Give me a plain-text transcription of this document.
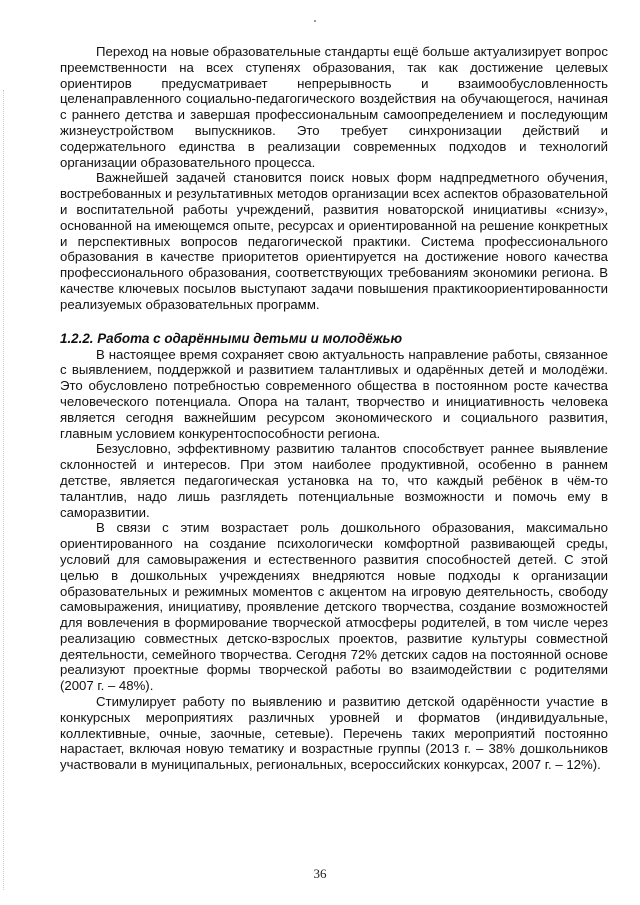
Переход на новые образовательные стандарты ещё больше актуализирует вопрос преемственности на всех ступенях образования, так как достижение целевых ориентиров предусматривает непрерывность и взаимообусловленность целенаправленного социально-педагогического воздействия на обучающегося, начиная с раннего детства и завершая профессиональным самоопределением и последующим жизнеустройством выпускников. Это требует синхронизации действий и содержательного единства в реализации современных подходов и технологий организации образовательного процесса.

Важнейшей задачей становится поиск новых форм надпредметного обучения, востребованных и результативных методов организации всех аспектов образовательной и воспитательной работы учреждений, развития новаторской инициативы «снизу», основанной на имеющемся опыте, ресурсах и ориентированной на решение конкретных и перспективных вопросов педагогической практики. Система профессионального образования в качестве приоритетов ориентируется на достижение нового качества профессионального образования, соответствующих требованиям экономики региона. В качестве ключевых посылов выступают задачи повышения практикоориентированности реализуемых образовательных программ.

1.2.2. Работа с одарёнными детьми и молодёжью

В настоящее время сохраняет свою актуальность направление работы, связанное с выявлением, поддержкой и развитием талантливых и одарённых детей и молодёжи. Это обусловлено потребностью современного общества в постоянном росте качества человеческого потенциала. Опора на талант, творчество и инициативность человека является сегодня важнейшим ресурсом экономического и социального развития, главным условием конкурентоспособности региона.

Безусловно, эффективному развитию талантов способствует раннее выявление склонностей и интересов. При этом наиболее продуктивной, особенно в раннем детстве, является педагогическая установка на то, что каждый ребёнок в чём-то талантлив, надо лишь разглядеть потенциальные возможности и помочь ему в саморазвитии.

В связи с этим возрастает роль дошкольного образования, максимально ориентированного на создание психологически комфортной развивающей среды, условий для самовыражения и естественного развития способностей детей. С этой целью в дошкольных учреждениях внедряются новые подходы к организации образовательных и режимных моментов с акцентом на игровую деятельность, свободу самовыражения, инициативу, проявление детского творчества, создание возможностей для вовлечения в формирование творческой атмосферы родителей, в том числе через реализацию совместных детско-взрослых проектов, развитие культуры совместной деятельности, семейного творчества. Сегодня 72% детских садов на постоянной основе реализуют проектные формы творческой работы во взаимодействии с родителями (2007 г. – 48%).

Стимулирует работу по выявлению и развитию детской одарённости участие в конкурсных мероприятиях различных уровней и форматов (индивидуальные, коллективные, очные, заочные, сетевые). Перечень таких мероприятий постоянно нарастает, включая новую тематику и возрастные группы (2013 г. – 38% дошкольников участвовали в муниципальных, региональных, всероссийских конкурсах, 2007 г. – 12%).

36
